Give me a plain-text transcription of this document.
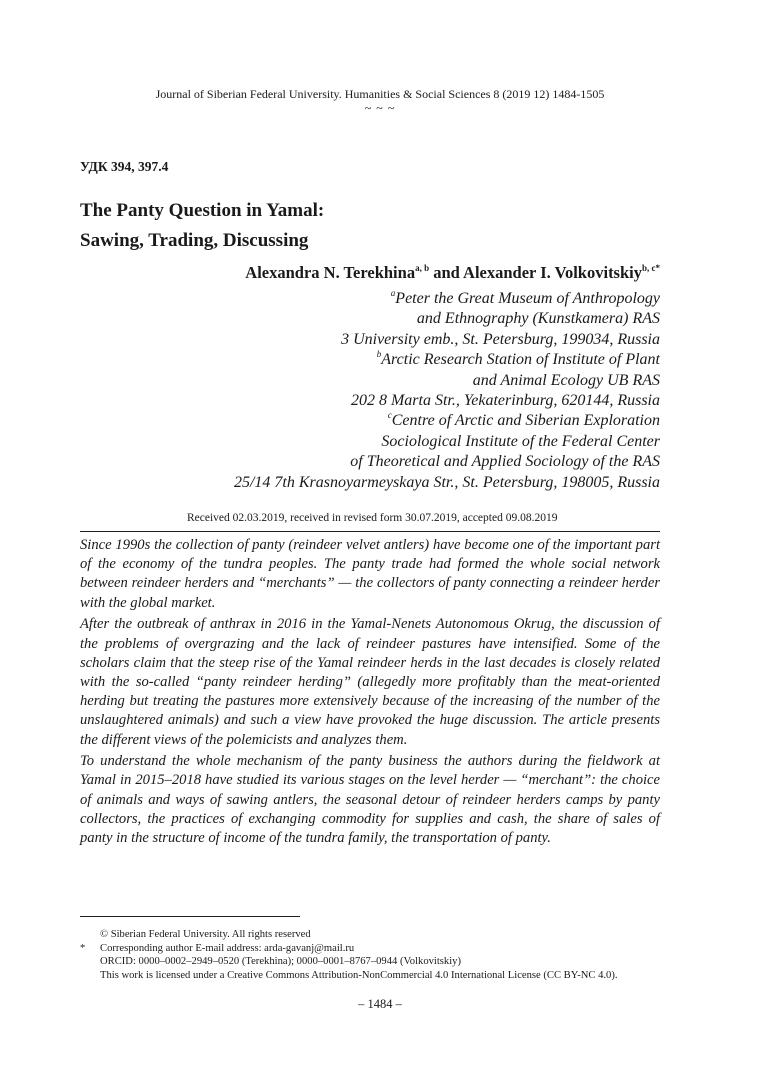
Journal of Siberian Federal University. Humanities & Social Sciences 8 (2019 12) 1484-1505
~ ~ ~
УДК 394, 397.4
The Panty Question in Yamal:
Sawing, Trading, Discussing
Alexandra N. Terekhina$^{a, b}$ and Alexander I. Volkovitskiy$^{b, c*}$
$^a$Peter the Great Museum of Anthropology
and Ethnography (Kunstkamera) RAS
3 University emb., St. Petersburg, 199034, Russia
$^b$Arctic Research Station of Institute of Plant
and Animal Ecology UB RAS
202 8 Marta Str., Yekaterinburg, 620144, Russia
$^c$Centre of Arctic and Siberian Exploration
Sociological Institute of the Federal Center
of Theoretical and Applied Sociology of the RAS
25/14 7th Krasnoyarmeyskaya Str., St. Petersburg, 198005, Russia
Received 02.03.2019, received in revised form 30.07.2019, accepted 09.08.2019

Since 1990s the collection of panty (reindeer velvet antlers) have become one of the important part of the economy of the tundra peoples. The panty trade had formed the whole social network between reindeer herders and “merchants” — the collectors of panty connecting a reindeer herder with the global market.

After the outbreak of anthrax in 2016 in the Yamal-Nenets Autonomous Okrug, the discussion of the problems of overgrazing and the lack of reindeer pastures have intensified. Some of the scholars claim that the steep rise of the Yamal reindeer herds in the last decades is closely related with the so-called “panty reindeer herding” (allegedly more profitably than the meat-oriented herding but treating the pastures more extensively because of the increasing of the number of the unslaughtered animals) and such a view have provoked the huge discussion. The article presents the different views of the polemicists and analyzes them.

To understand the whole mechanism of the panty business the authors during the fieldwork at Yamal in 2015–2018 have studied its various stages on the level herder — “merchant”: the choice of animals and ways of sawing antlers, the seasonal detour of reindeer herders camps by panty collectors, the practices of exchanging commodity for supplies and cash, the share of sales of panty in the structure of income of the tundra family, the transportation of panty.

© Siberian Federal University. All rights reserved
*	Corresponding author E-mail address: arda-gavanj@mail.ru
ORCID: 0000–0002–2949–0520 (Terekhina); 0000–0001–8767–0944 (Volkovitskiy)
This work is licensed under a Creative Commons Attribution-NonCommercial 4.0 International License (CC BY-NC 4.0).
– 1484 –
